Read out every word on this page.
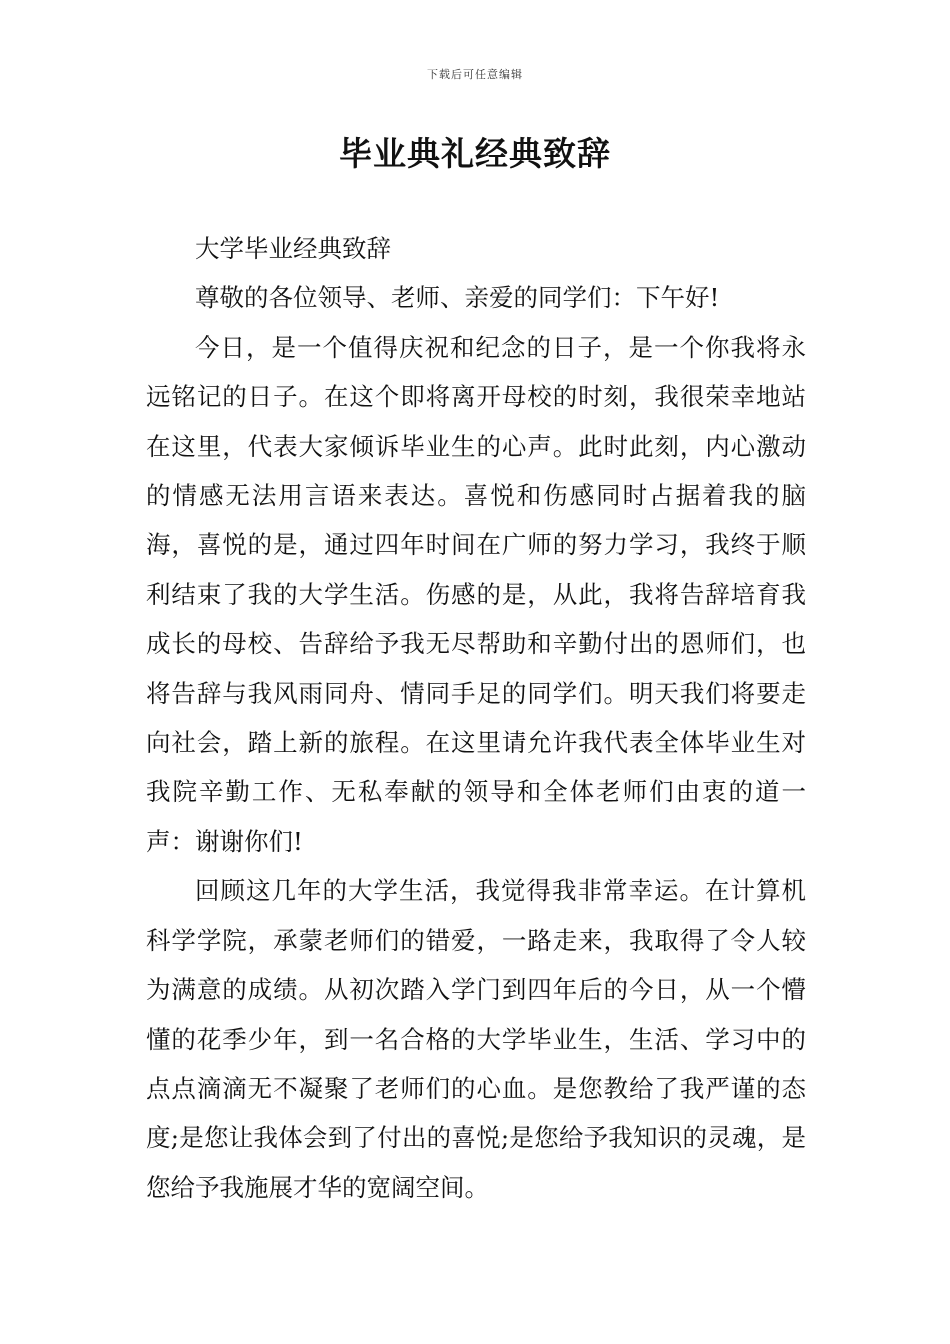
下载后可任意编辑
毕业典礼经典致辞

大学毕业经典致辞

尊敬的各位领导、老师、亲爱的同学们：下午好!

今日，是一个值得庆祝和纪念的日子，是一个你我将永远铭记的日子。在这个即将离开母校的时刻，我很荣幸地站在这里，代表大家倾诉毕业生的心声。此时此刻，内心激动的情感无法用言语来表达。喜悦和伤感同时占据着我的脑海，喜悦的是，通过四年时间在广师的努力学习，我终于顺利结束了我的大学生活。伤感的是，从此，我将告辞培育我成长的母校、告辞给予我无尽帮助和辛勤付出的恩师们，也将告辞与我风雨同舟、情同手足的同学们。明天我们将要走向社会，踏上新的旅程。在这里请允许我代表全体毕业生对我院辛勤工作、无私奉献的领导和全体老师们由衷的道一声：谢谢你们!

回顾这几年的大学生活，我觉得我非常幸运。在计算机科学学院，承蒙老师们的错爱，一路走来，我取得了令人较为满意的成绩。从初次踏入学门到四年后的今日，从一个懵懂的花季少年，到一名合格的大学毕业生，生活、学习中的点点滴滴无不凝聚了老师们的心血。是您教给了我严谨的态度;是您让我体会到了付出的喜悦;是您给予我知识的灵魂，是您给予我施展才华的宽阔空间。
